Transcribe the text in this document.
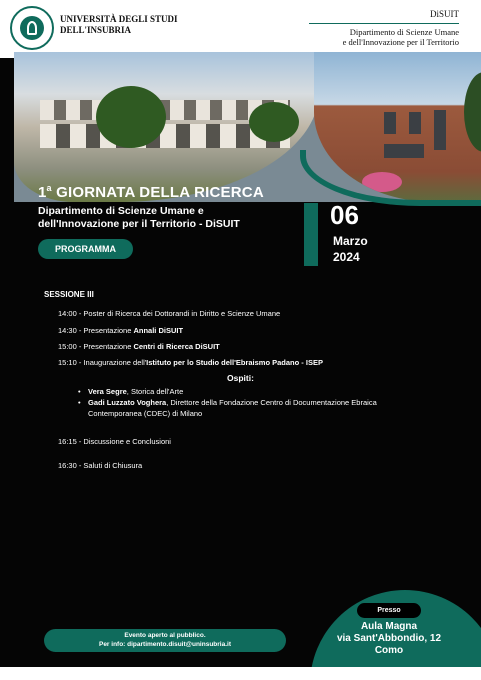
UNIVERSITÀ DEGLI STUDI
DELL'INSUBRIA
DiSUIT
Dipartimento di Scienze Umane
e dell'Innovazione per il Territorio
1$^a$ GIORNATA DELLA RICERCA
Dipartimento di Scienze Umane e
dell'Innovazione per il Territorio - DiSUIT
PROGRAMMA
06
Marzo
2024
SESSIONE III
14:00 - Poster di Ricerca dei Dottorandi in Diritto e Scienze Umane
14:30 - Presentazione Annali DiSUIT
15:00 - Presentazione Centri di Ricerca DiSUIT
15:10 - Inaugurazione dell'Istituto per lo Studio dell'Ebraismo Padano - ISEP
Ospiti:
• Vera Segre, Storica dell'Arte
• Gadi Luzzato Voghera, Direttore della Fondazione Centro di Documentazione Ebraica Contemporanea (CDEC) di Milano
16:15 - Discussione e Conclusioni
16:30 - Saluti di Chiusura
Evento aperto al pubblico.
Per info: dipartimento.disuit@uninsubria.it
Presso
Aula Magna
via Sant'Abbondio, 12
Como
